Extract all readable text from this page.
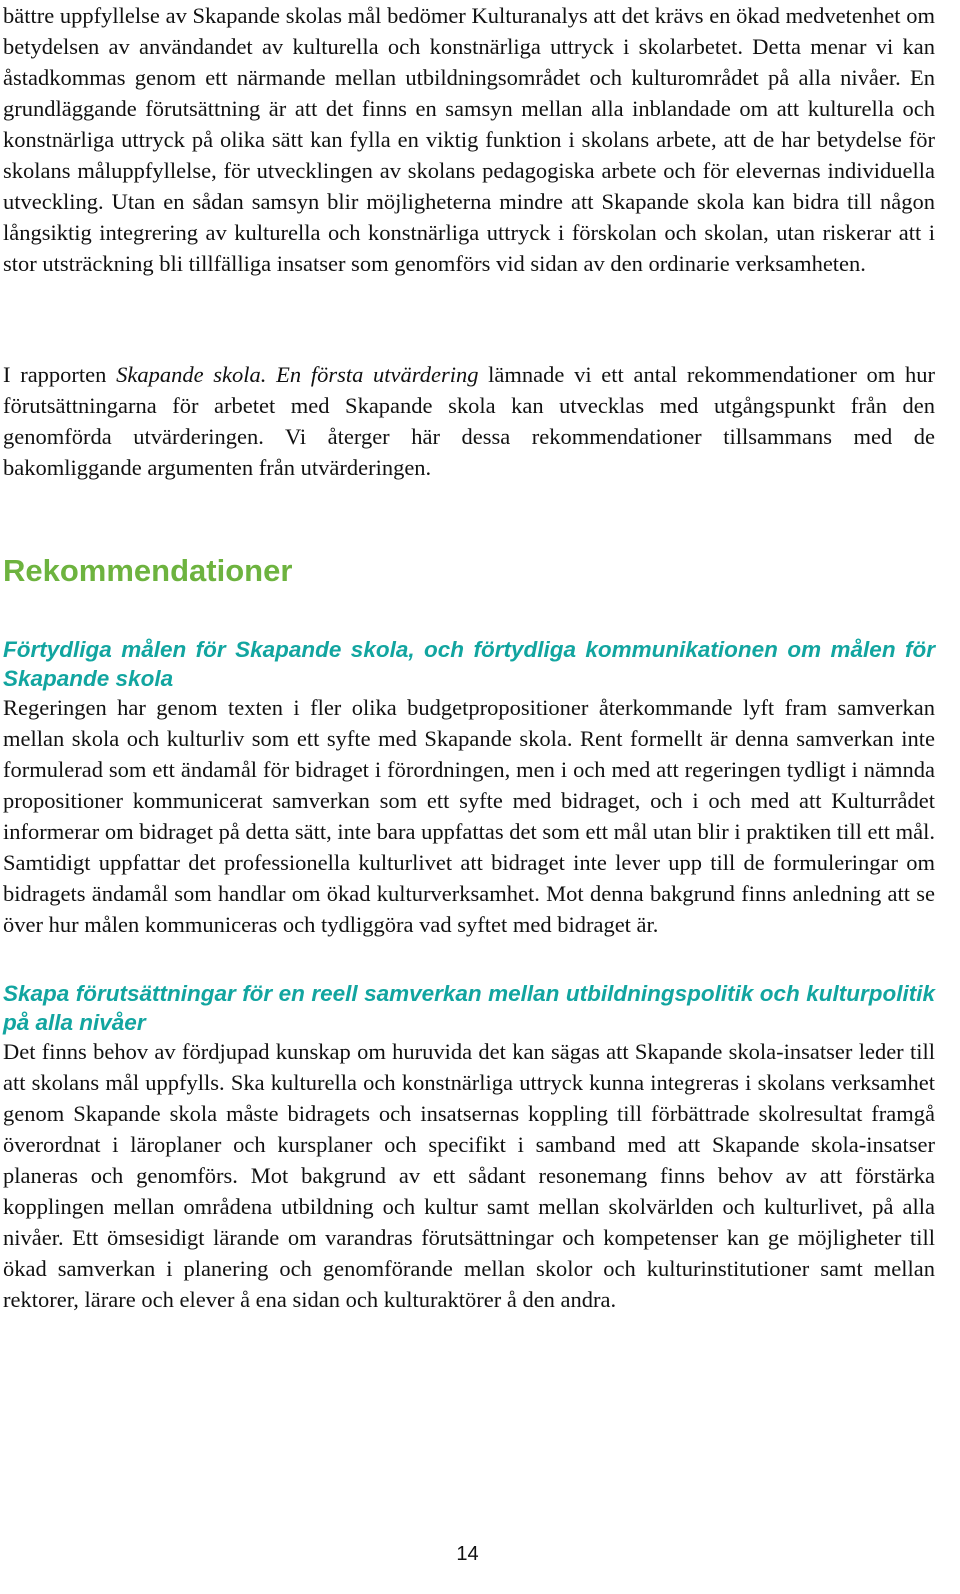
bättre uppfyllelse av Skapande skolas mål bedömer Kulturanalys att det krävs en ökad medvetenhet om betydelsen av användandet av kulturella och konstnärliga uttryck i skolarbetet. Detta menar vi kan åstadkommas genom ett närmande mellan utbildningsområdet och kulturområdet på alla nivåer. En grundläggande förutsättning är att det finns en samsyn mellan alla inblandade om att kulturella och konstnärliga uttryck på olika sätt kan fylla en viktig funktion i skolans arbete, att de har betydelse för skolans måluppfyllelse, för utvecklingen av skolans pedagogiska arbete och för elevernas individuella utveckling. Utan en sådan samsyn blir möjligheterna mindre att Skapande skola kan bidra till någon långsiktig integrering av kulturella och konstnärliga uttryck i förskolan och skolan, utan riskerar att i stor utsträckning bli tillfälliga insatser som genomförs vid sidan av den ordinarie verksamheten.

I rapporten Skapande skola. En första utvärdering lämnade vi ett antal rekommendationer om hur förutsättningarna för arbetet med Skapande skola kan utvecklas med utgångspunkt från den genomförda utvärderingen. Vi återger här dessa rekommendationer tillsammans med de bakomliggande argumenten från utvärderingen.

Rekommendationer
Förtydliga målen för Skapande skola, och förtydliga kommunikationen om målen för Skapande skola

Regeringen har genom texten i fler olika budgetpropositioner återkommande lyft fram samverkan mellan skola och kulturliv som ett syfte med Skapande skola. Rent formellt är denna samverkan inte formulerad som ett ändamål för bidraget i förordningen, men i och med att regeringen tydligt i nämnda propositioner kommunicerat samverkan som ett syfte med bidraget, och i och med att Kulturrådet informerar om bidraget på detta sätt, inte bara uppfattas det som ett mål utan blir i praktiken till ett mål. Samtidigt uppfattar det professionella kulturlivet att bidraget inte lever upp till de formuleringar om bidragets ändamål som handlar om ökad kulturverksamhet. Mot denna bakgrund finns anledning att se över hur målen kommuniceras och tydliggöra vad syftet med bidraget är.

Skapa förutsättningar för en reell samverkan mellan utbildningspolitik och kulturpolitik på alla nivåer

Det finns behov av fördjupad kunskap om huruvida det kan sägas att Skapande skola-insatser leder till att skolans mål uppfylls. Ska kulturella och konstnärliga uttryck kunna integreras i skolans verksamhet genom Skapande skola måste bidragets och insatsernas koppling till förbättrade skolresultat framgå överordnat i läroplaner och kursplaner och specifikt i samband med att Skapande skola-insatser planeras och genomförs. Mot bakgrund av ett sådant resonemang finns behov av att förstärka kopplingen mellan områdena utbildning och kultur samt mellan skolvärlden och kulturlivet, på alla nivåer. Ett ömsesidigt lärande om varandras förutsättningar och kompetenser kan ge möjligheter till ökad samverkan i planering och genomförande mellan skolor och kulturinstitutioner samt mellan rektorer, lärare och elever å ena sidan och kulturaktörer å den andra.

14
